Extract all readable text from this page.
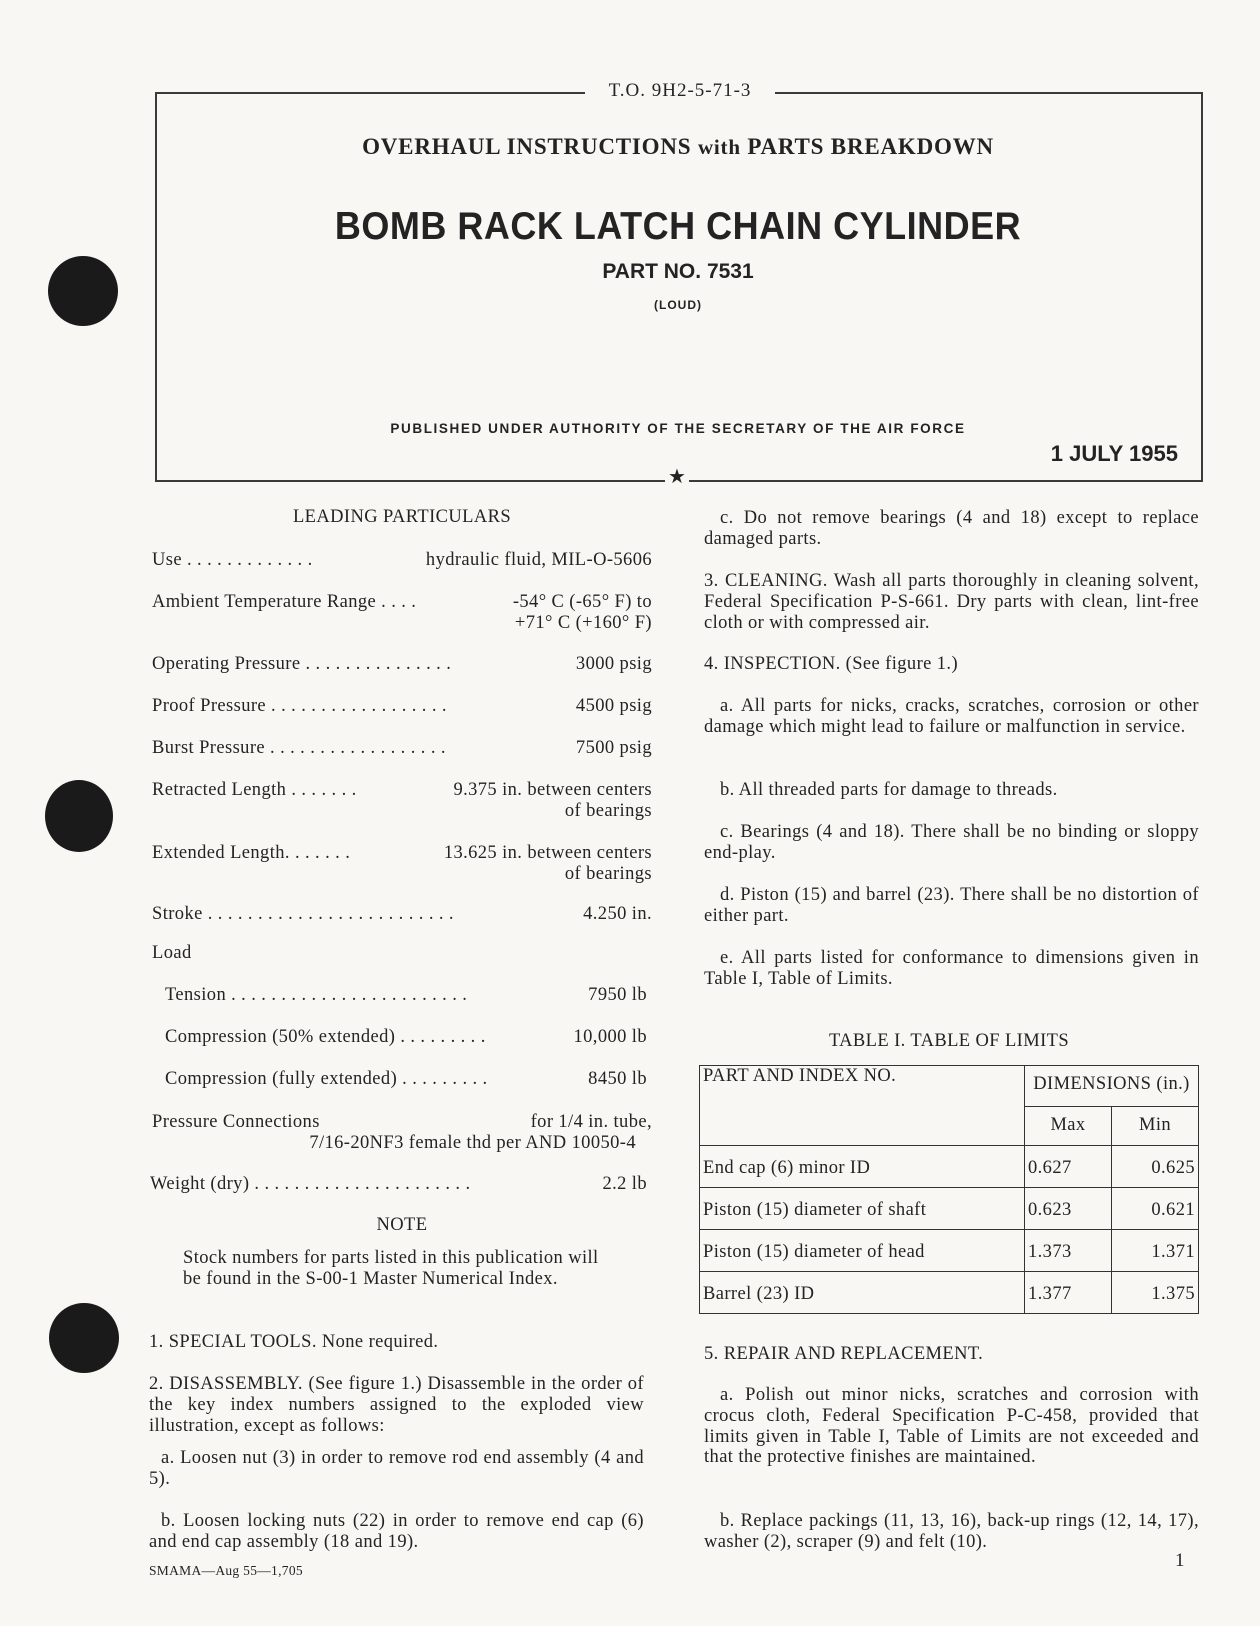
T.O. 9H2-5-71-3
OVERHAUL INSTRUCTIONS with PARTS BREAKDOWN
BOMB RACK LATCH CHAIN CYLINDER
PART NO. 7531
(LOUD)
PUBLISHED UNDER AUTHORITY OF THE SECRETARY OF THE AIR FORCE
1 JULY 1955
★
LEADING PARTICULARS
Use . . . . . . . . . . . . .	hydraulic fluid, MIL-O-5606
Ambient Temperature Range . . . .	-54° C (-65° F) to
+71° C (+160° F)
Operating Pressure . . . . . . . . . . . . . . .	3000 psig
Proof Pressure . . . . . . . . . . . . . . . . . .	4500 psig
Burst Pressure . . . . . . . . . . . . . . . . . .	7500 psig
Retracted Length . . . . . . .	9.375 in. between centers
of bearings
Extended Length. . . . . . .	13.625 in. between centers
of bearings
Stroke . . . . . . . . . . . . . . . . . . . . . . . . .	4.250 in.
Load
Tension . . . . . . . . . . . . . . . . . . . . . . . .	7950 lb
Compression (50% extended) . . . . . . . . .	10,000 lb
Compression (fully extended) . . . . . . . . .	8450 lb
Pressure Connections	for 1/4 in. tube,
7/16-20NF3 female thd per AND 10050-4
Weight (dry) . . . . . . . . . . . . . . . . . . . . . .	2.2 lb
NOTE
Stock numbers for parts listed in this publication will be found in the S-00-1 Master Numerical Index.
1. SPECIAL TOOLS. None required.
2. DISASSEMBLY. (See figure 1.) Disassemble in the order of the key index numbers assigned to the exploded view illustration, except as follows:
a. Loosen nut (3) in order to remove rod end assembly (4 and 5).
b. Loosen locking nuts (22) in order to remove end cap (6) and end cap assembly (18 and 19).
c. Do not remove bearings (4 and 18) except to replace damaged parts.
3. CLEANING. Wash all parts thoroughly in cleaning solvent, Federal Specification P-S-661. Dry parts with clean, lint-free cloth or with compressed air.
4. INSPECTION. (See figure 1.)
a. All parts for nicks, cracks, scratches, corrosion or other damage which might lead to failure or malfunction in service.
b. All threaded parts for damage to threads.
c. Bearings (4 and 18). There shall be no binding or sloppy end-play.
d. Piston (15) and barrel (23). There shall be no distortion of either part.
e. All parts listed for conformance to dimensions given in Table I, Table of Limits.
TABLE I. TABLE OF LIMITS
PART AND INDEX NO.	DIMENSIONS (in.)	
	Max	Min
End cap (6) minor ID	0.627	0.625
Piston (15) diameter of shaft	0.623	0.621
Piston (15) diameter of head	1.373	1.371
Barrel (23) ID	1.377	1.375
5. REPAIR AND REPLACEMENT.
a. Polish out minor nicks, scratches and corrosion with crocus cloth, Federal Specification P-C-458, provided that limits given in Table I, Table of Limits are not exceeded and that the protective finishes are maintained.
b. Replace packings (11, 13, 16), back-up rings (12, 14, 17), washer (2), scraper (9) and felt (10).
SMAMA—Aug 55—1,705	1
